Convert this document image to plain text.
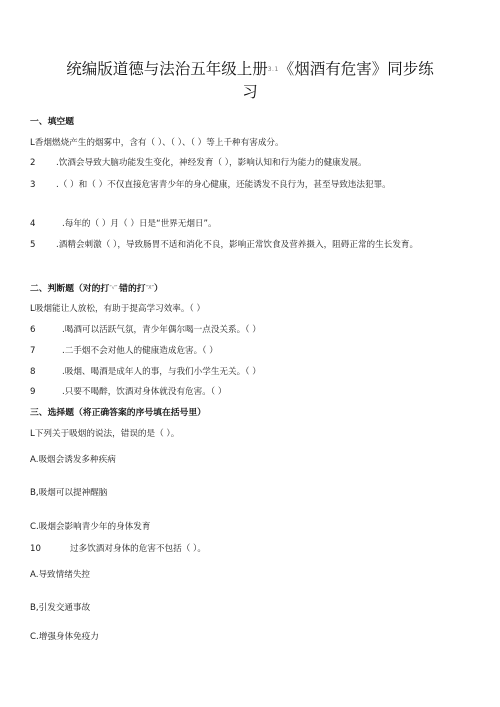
统编版道德与法治五年级上册3.1《烟酒有危害》同步练
习
一、填空题
L香烟燃烧产生的烟雾中，含有（ ）、（ ）、（ ）等上千种有害成分。
2 .饮酒会导致大脑功能发生变化，神经发育（ ），影响认知和行为能力的健康发展。
3 .（ ）和（ ）不仅直接危害青少年的身心健康，还能诱发不良行为，甚至导致违法犯罪。
4	.每年的（ ）月（ ）日是“世界无烟日”。
5 .酒精会刺激（ ），导致肠胃不适和消化不良，影响正常饮食及营养摄入，阻碍正常的生长发育。
二、判断题（对的打“√”.错的打“X”）
L吸烟能让人放松，有助于提高学习效率。（ ）
6	.喝酒可以活跃气氛，青少年偶尔喝一点没关系。（ ）
7	.二手烟不会对他人的健康造成危害。（ ）
8	.吸烟、喝酒是成年人的事，与我们小学生无关。（ ）
9	.只要不喝醉，饮酒对身体就没有危害。（ ）
三、选择题（将正确答案的序号填在括号里）
L下列关于吸烟的说法，错误的是（ ）。
A.吸烟会诱发多种疾病
B,吸烟可以提神醒脑
C.吸烟会影响青少年的身体发育
10	过多饮酒对身体的危害不包括（ ）。
A.导致情绪失控
B,引发交通事故
C.增强身体免疫力
